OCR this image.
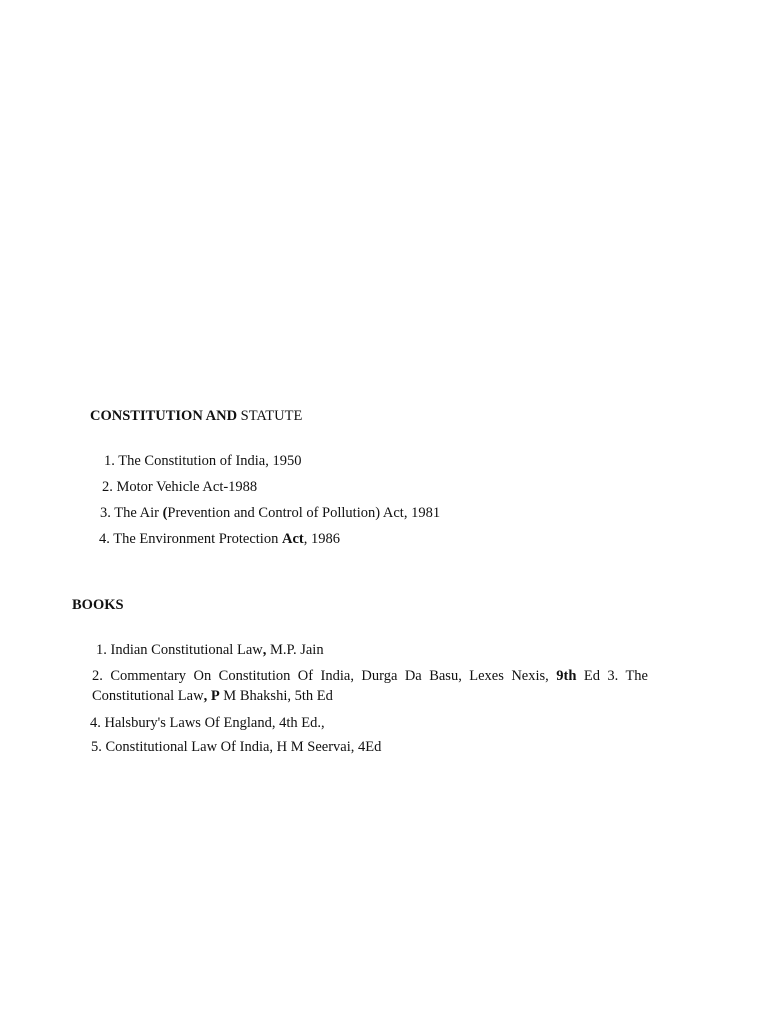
CONSTITUTION AND STATUTE
1. The Constitution of India, 1950
2. Motor Vehicle Act-1988
3. The Air (Prevention and Control of Pollution) Act, 1981
4. The Environment Protection Act, 1986
BOOKS
1. Indian Constitutional Law, M.P. Jain
2. Commentary On Constitution Of India, Durga Da Basu, Lexes Nexis, 9th Ed 3. The Constitutional Law, P M Bhakshi, 5th Ed
4. Halsbury's Laws Of England, 4th Ed.,
5. Constitutional Law Of India, H M Seervai, 4Ed
